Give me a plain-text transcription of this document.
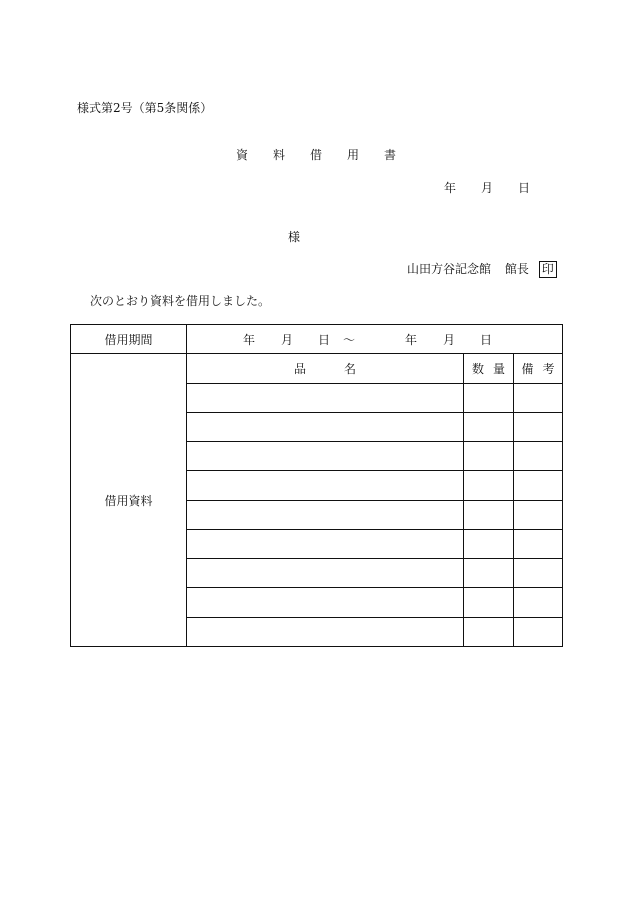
様式第2号（第5条関係）
資 料 借 用 書
年 月 日
様
山田方谷記念館 館長 印
次のとおり資料を借用しました。
借用期間	年 月 日 〜 年 月 日		
借用資料	品 名	数 量	備 考
